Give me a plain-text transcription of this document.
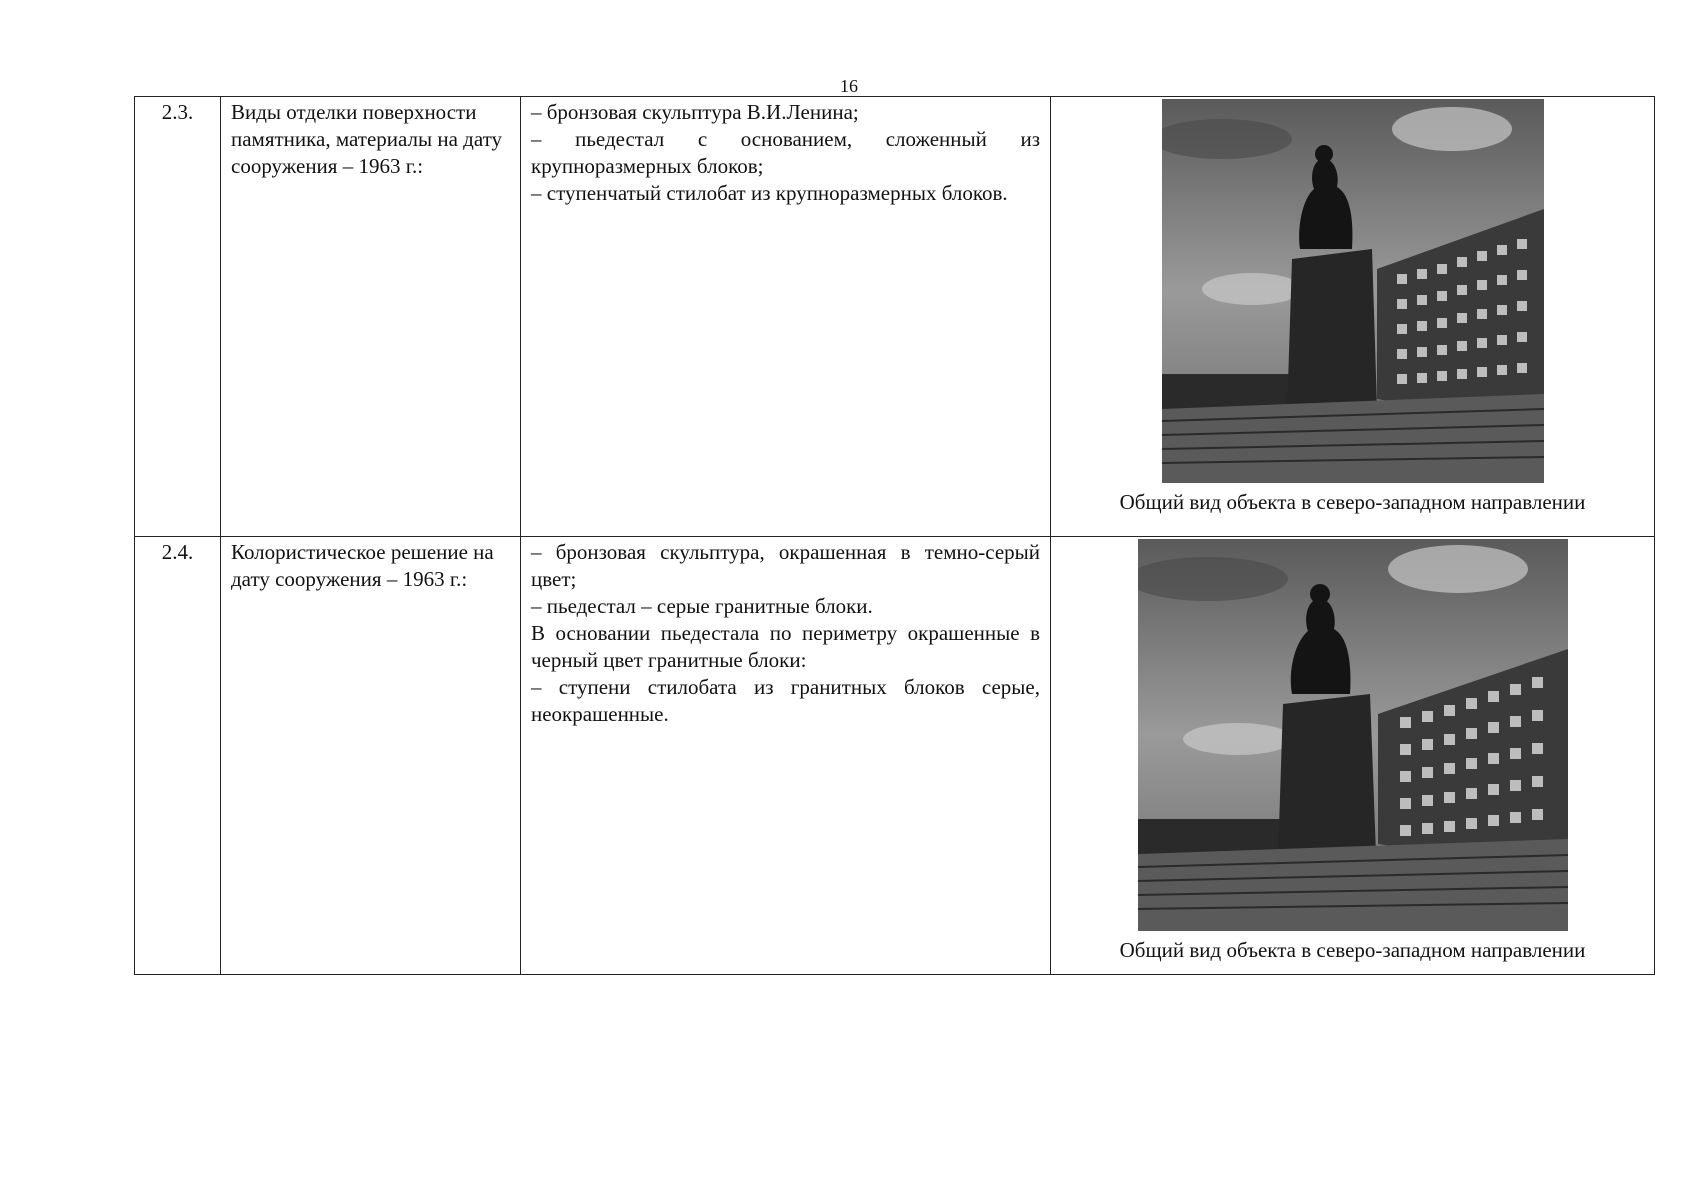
16
2.3.	Виды отделки поверхности памятника, материалы на дату сооружения – 1963 г.:	– бронзовая скульптура В.И.Ленина;

– пьедестал с основанием, сложенный из крупноразмерных блоков;

– ступенчатый стилобат из крупноразмерных блоков.	Общий вид объекта в северо-западном направлении

2.4.	Колористическое решение на дату сооружения – 1963 г.:	– бронзовая скульптура, окрашенная в темно-серый цвет;

– пьедестал – серые гранитные блоки.

В основании пьедестала по периметру окрашенные в черный цвет гранитные блоки:

– ступени стилобата из гранитных блоков серые, неокрашенные.	Общий вид объекта в северо-западном направлении
